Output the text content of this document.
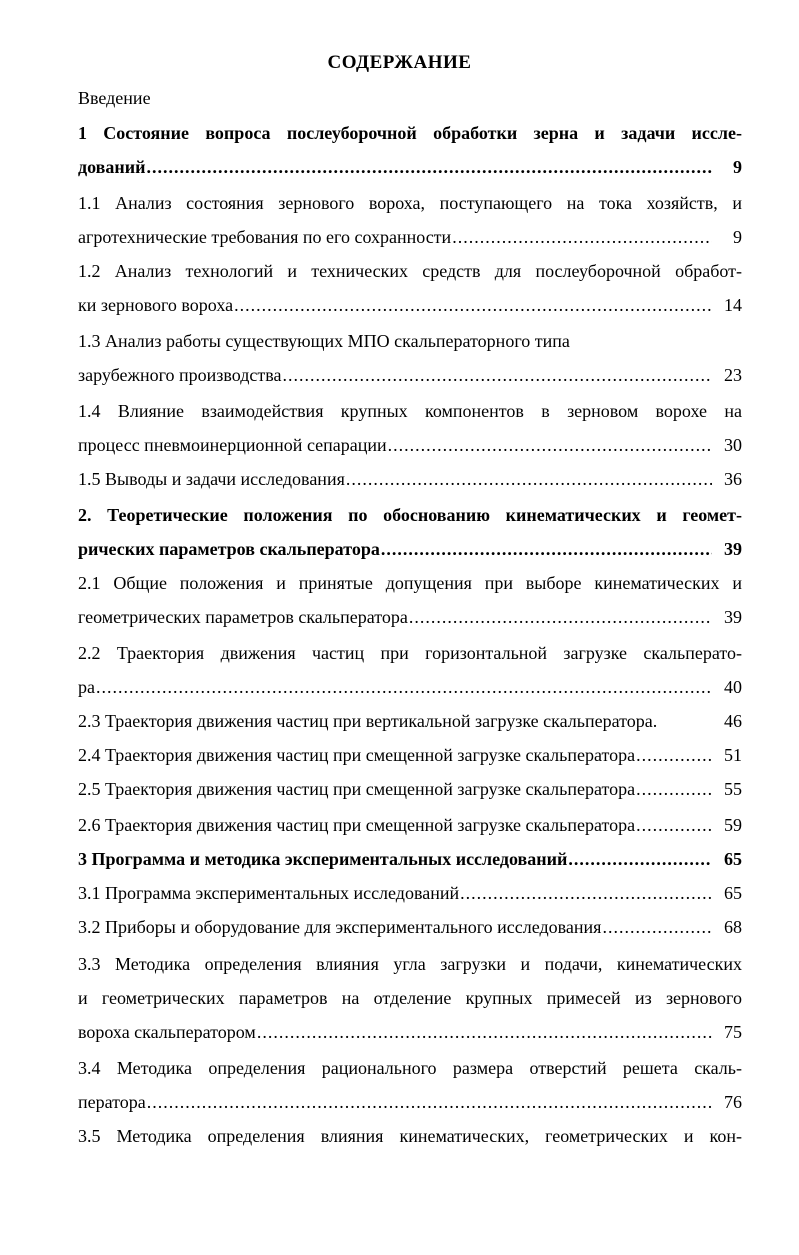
СОДЕРЖАНИЕ
Введение
1 Состояние вопроса послеуборочной обработки зерна и задачи иссле-
дований .....	9
1.1 Анализ состояния зернового вороха, поступающего на тока хозяйств, и
агротехнические требования по его сохранности .....	9
1.2 Анализ технологий и технических средств для послеуборочной обработ-
ки зернового вороха .....	14
1.3 Анализ работы существующих МПО скальператорного типа
зарубежного производства .....	23
1.4 Влияние взаимодействия крупных компонентов в зерновом ворохе на
процесс пневмоинерционной сепарации .....	30
1.5 Выводы и задачи исследования .....	36
2. Теоретические положения по обоснованию кинематических и геомет-
рических параметров скальператора .....	39
2.1 Общие положения и принятые допущения при выборе кинематических и
геометрических параметров скальператора .....	39
2.2 Траектория движения частиц при горизонтальной загрузке скальперато-
ра .....	40
2.3 Траектория движения частиц при вертикальной загрузке скальператора.	46
2.4 Траектория движения частиц при смещенной загрузке скальператора .....	51
2.5 Траектория движения частиц при смещенной загрузке скальператора .....	55
2.6 Траектория движения частиц при смещенной загрузке скальператора .....	59
3 Программа и методика экспериментальных исследований .....	65
3.1 Программа экспериментальных исследований .....	65
3.2 Приборы и оборудование для экспериментального исследования .....	68
3.3 Методика определения влияния угла загрузки и подачи, кинематических
и геометрических параметров на отделение крупных примесей из зернового
вороха скальператором .....	75
3.4 Методика определения рационального размера отверстий решета скаль-
ператора .....	76
3.5 Методика определения влияния кинематических, геометрических и кон-
